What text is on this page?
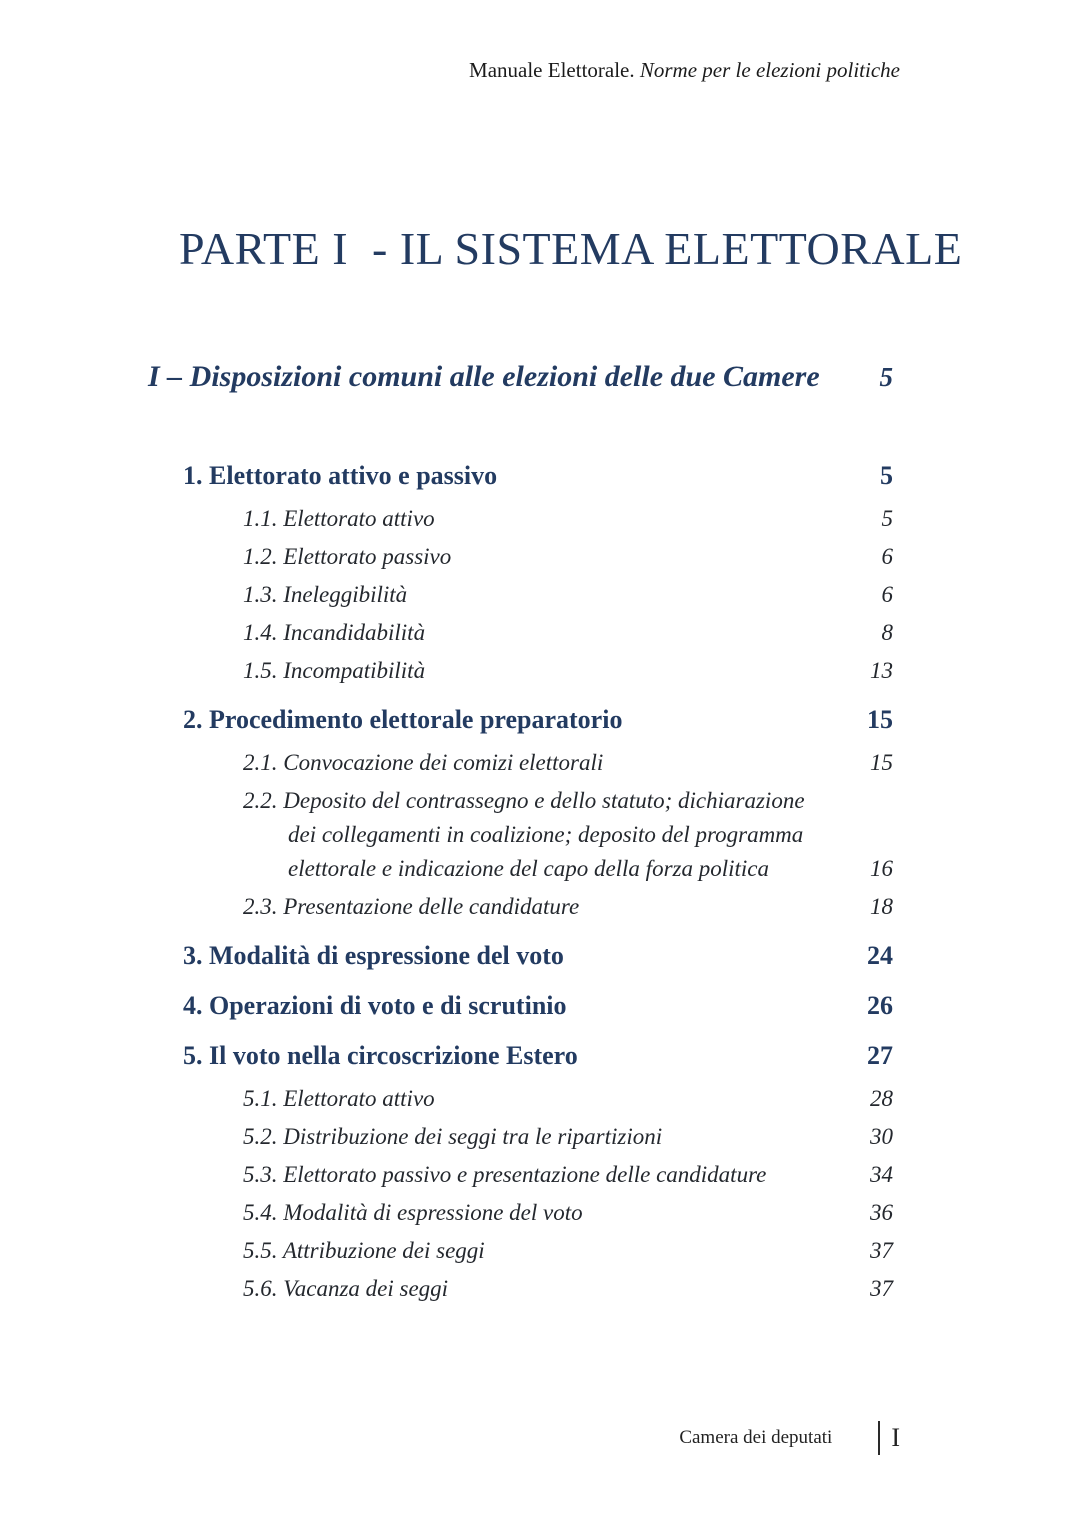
Manuale Elettorale. Norme per le elezioni politiche
PARTE I  - IL SISTEMA ELETTORALE
I – Disposizioni comuni alle elezioni delle due Camere	5
1. Elettorato attivo e passivo	5
1.1. Elettorato attivo	5
1.2. Elettorato passivo	6
1.3. Ineleggibilità	6
1.4. Incandidabilità	8
1.5. Incompatibilità	13
2. Procedimento elettorale preparatorio	15
2.1. Convocazione dei comizi elettorali	15
2.2. Deposito del contrassegno e dello statuto; dichiarazione dei collegamenti in coalizione; deposito del programma elettorale e indicazione del capo della forza politica	16
2.3. Presentazione delle candidature	18
3. Modalità di espressione del voto	24
4. Operazioni di voto e di scrutinio	26
5. Il voto nella circoscrizione Estero	27
5.1. Elettorato attivo	28
5.2. Distribuzione dei seggi tra le ripartizioni	30
5.3. Elettorato passivo e presentazione delle candidature	34
5.4. Modalità di espressione del voto	36
5.5. Attribuzione dei seggi	37
5.6. Vacanza dei seggi	37
Camera dei deputati I
